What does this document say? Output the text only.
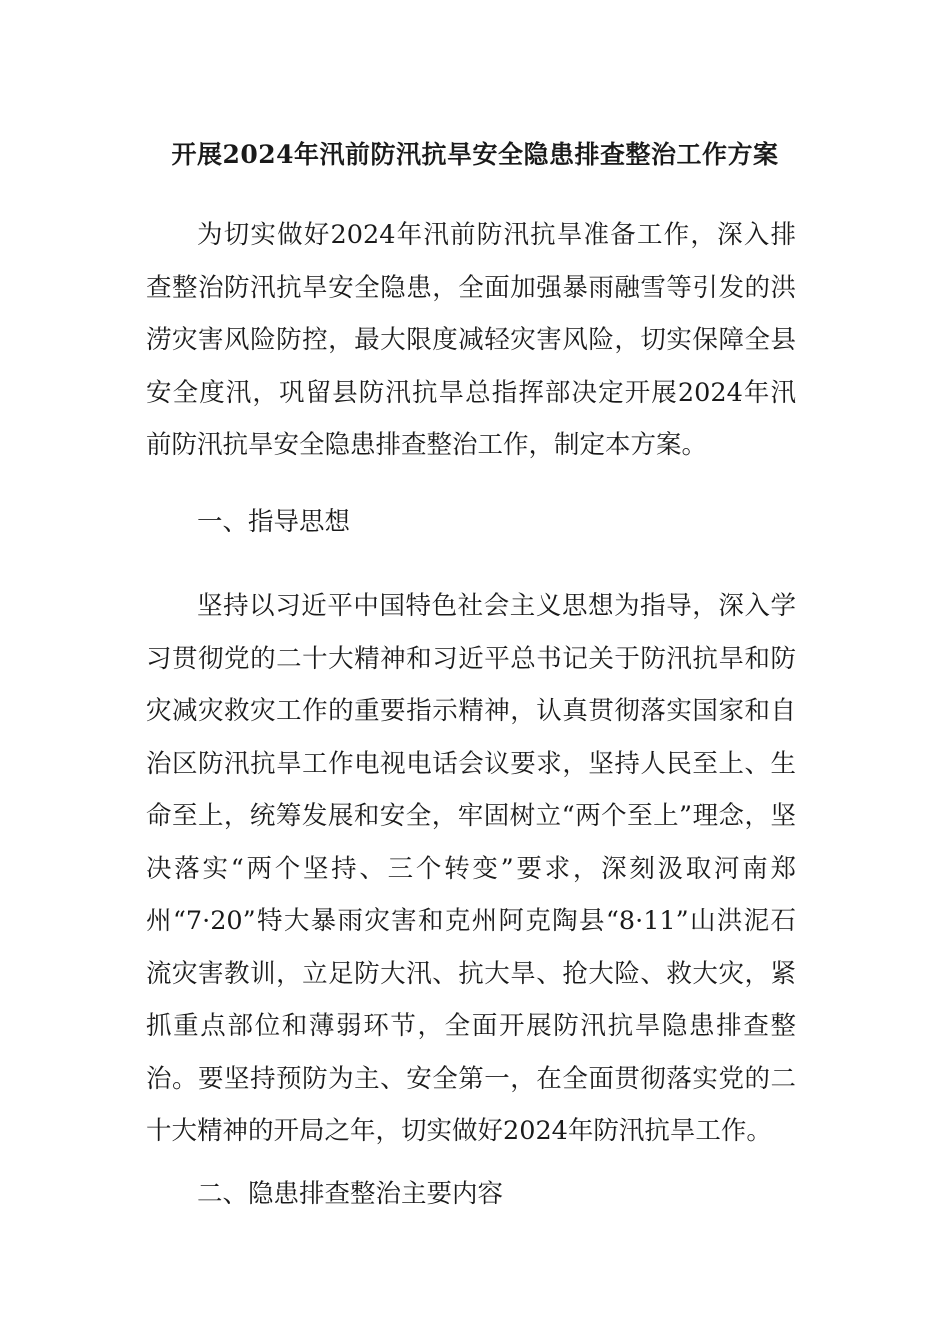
开展2024年汛前防汛抗旱安全隐患排查整治工作方案

为切实做好2024年汛前防汛抗旱准备工作，深入排查整治防汛抗旱安全隐患，全面加强暴雨融雪等引发的洪涝灾害风险防控，最大限度减轻灾害风险，切实保障全县安全度汛，巩留县防汛抗旱总指挥部决定开展2024年汛前防汛抗旱安全隐患排查整治工作，制定本方案。

一、指导思想

坚持以习近平中国特色社会主义思想为指导，深入学习贯彻党的二十大精神和习近平总书记关于防汛抗旱和防灾减灾救灾工作的重要指示精神，认真贯彻落实国家和自治区防汛抗旱工作电视电话会议要求，坚持人民至上、生命至上，统筹发展和安全，牢固树立“两个至上”理念，坚决落实“两个坚持、三个转变”要求，深刻汲取河南郑州“7·20”特大暴雨灾害和克州阿克陶县“8·11”山洪泥石流灾害教训，立足防大汛、抗大旱、抢大险、救大灾，紧抓重点部位和薄弱环节，全面开展防汛抗旱隐患排查整治。要坚持预防为主、安全第一，在全面贯彻落实党的二十大精神的开局之年，切实做好2024年防汛抗旱工作。

二、隐患排查整治主要内容
